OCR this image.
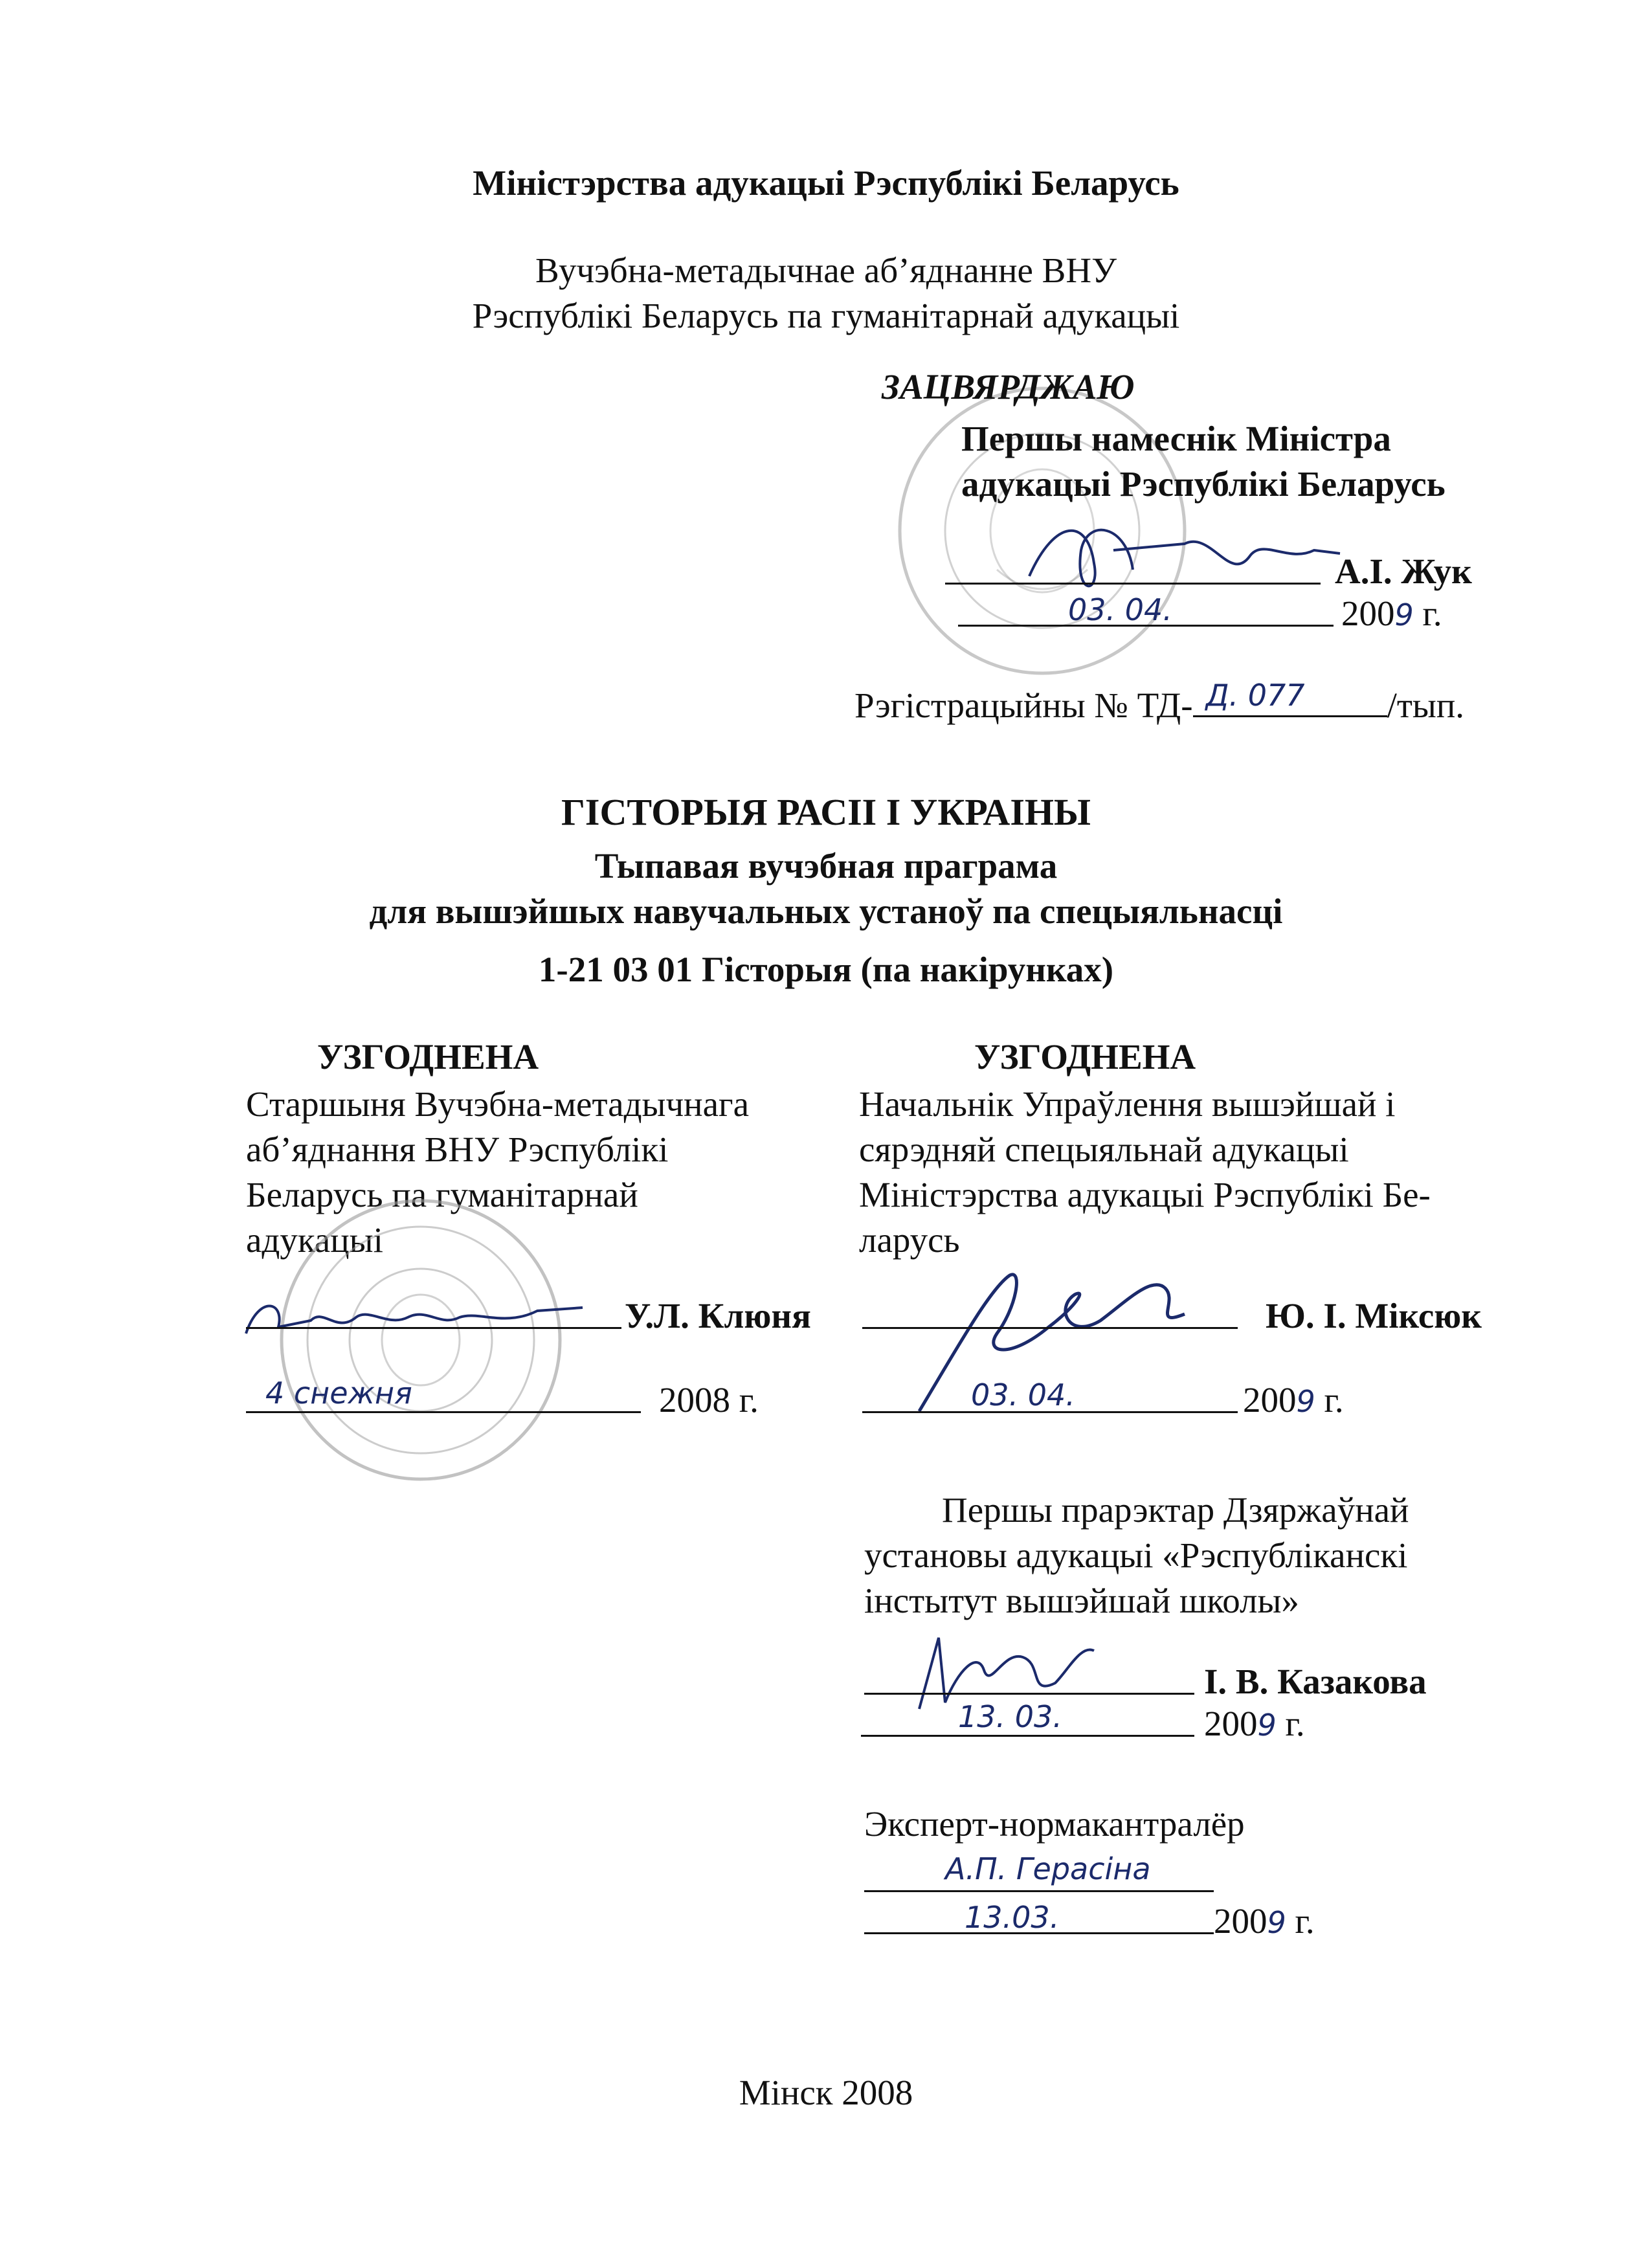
Міністэрства адукацыі Рэспублікі Беларусь
Вучэбна-метадычнае аб’яднанне ВНУ
Рэспублікі Беларусь па гуманітарнай адукацыі
ЗАЦВЯРДЖАЮ
Першы намеснік Міністра
адукацыі Рэспублікі Беларусь
А.І. Жук
03. 04.	2009 г.
Рэгістрацыйны № ТД- Д. 077 /тып.
ГІСТОРЫЯ РАСІІ І УКРАІНЫ
Тыпавая вучэбная праграма
для вышэйшых навучальных устаноў па спецыяльнасці
1-21 03 01 Гісторыя (па накірунках)
УЗГОДНЕНА
Старшыня Вучэбна-метадычнага
аб’яднання ВНУ Рэспублікі
Беларусь па гуманітарнай
адукацыі
У.Л. Клюня
4 снежня	2008 г.
УЗГОДНЕНА
Начальнік Упраўлення вышэйшай і
сярэдняй спецыяльнай адукацыі
Міністэрства адукацыі Рэспублікі Бе-
ларусь
Ю. І. Міксюк
03. 04.	2009 г.
Першы прарэктар Дзяржаўнай
установы адукацыі «Рэспубліканскі
інстытут вышэйшай школы»
І. В. Казакова
13. 03.	2009 г.
Эксперт-нормакантралёр
А.П. Герасіна
13.03.	2009 г.
Мінск 2008
